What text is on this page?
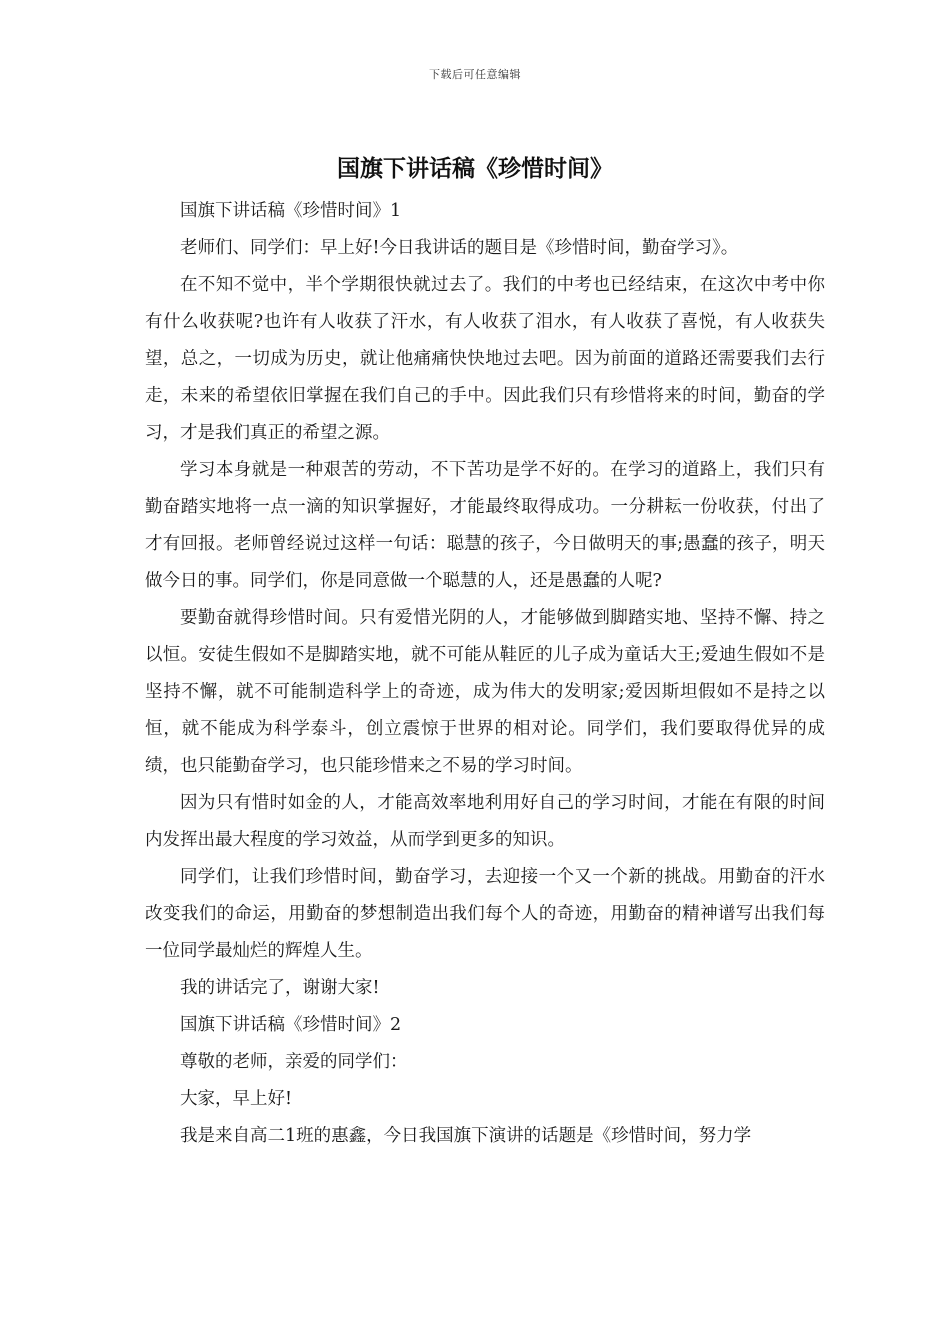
下载后可任意编辑
国旗下讲话稿《珍惜时间》

国旗下讲话稿《珍惜时间》1

老师们、同学们：早上好!今日我讲话的题目是《珍惜时间，勤奋学习》。

在不知不觉中，半个学期很快就过去了。我们的中考也已经结束，在这次中考中你有什么收获呢?也许有人收获了汗水，有人收获了泪水，有人收获了喜悦，有人收获失望，总之，一切成为历史，就让他痛痛快快地过去吧。因为前面的道路还需要我们去行走，未来的希望依旧掌握在我们自己的手中。因此我们只有珍惜将来的时间，勤奋的学习，才是我们真正的希望之源。

学习本身就是一种艰苦的劳动，不下苦功是学不好的。在学习的道路上，我们只有勤奋踏实地将一点一滴的知识掌握好，才能最终取得成功。一分耕耘一份收获，付出了才有回报。老师曾经说过这样一句话：聪慧的孩子，今日做明天的事;愚蠢的孩子，明天做今日的事。同学们，你是同意做一个聪慧的人，还是愚蠢的人呢?

要勤奋就得珍惜时间。只有爱惜光阴的人，才能够做到脚踏实地、坚持不懈、持之以恒。安徒生假如不是脚踏实地，就不可能从鞋匠的儿子成为童话大王;爱迪生假如不是坚持不懈，就不可能制造科学上的奇迹，成为伟大的发明家;爱因斯坦假如不是持之以恒，就不能成为科学泰斗，创立震惊于世界的相对论。同学们，我们要取得优异的成绩，也只能勤奋学习，也只能珍惜来之不易的学习时间。

因为只有惜时如金的人，才能高效率地利用好自己的学习时间，才能在有限的时间内发挥出最大程度的学习效益，从而学到更多的知识。

同学们，让我们珍惜时间，勤奋学习，去迎接一个又一个新的挑战。用勤奋的汗水改变我们的命运，用勤奋的梦想制造出我们每个人的奇迹，用勤奋的精神谱写出我们每一位同学最灿烂的辉煌人生。

我的讲话完了，谢谢大家!

国旗下讲话稿《珍惜时间》2

尊敬的老师，亲爱的同学们：

大家，早上好!

我是来自高二1班的惠鑫，今日我国旗下演讲的话题是《珍惜时间，努力学
